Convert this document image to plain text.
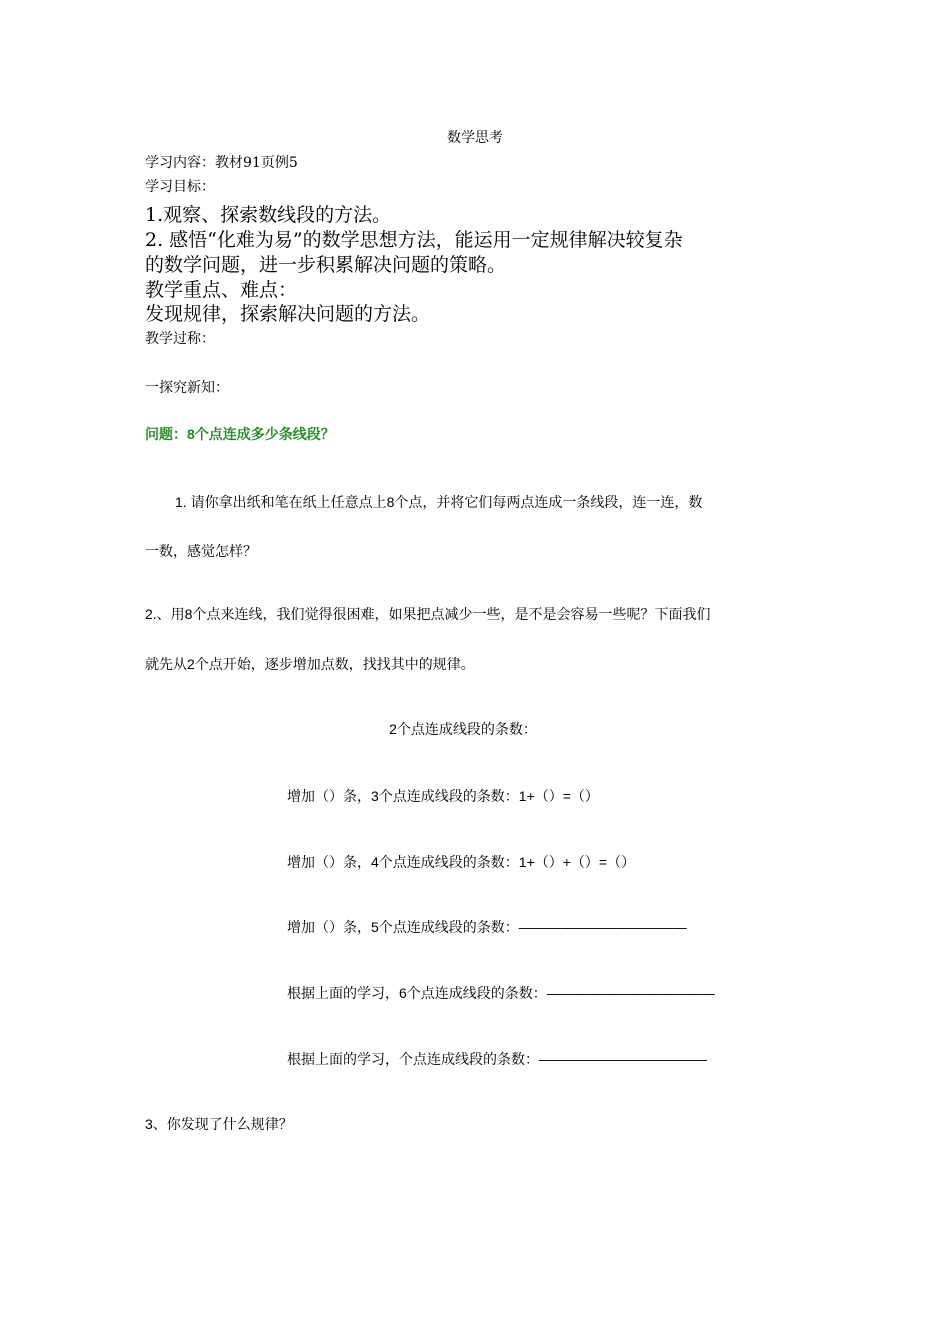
数学思考
学习内容：教材91页例5
学习目标：
1.观察、探索数线段的方法。
2. 感悟“化难为易”的数学思想方法，能运用一定规律解决较复杂
的数学问题，进一步积累解决问题的策略。
教学重点、难点：
发现规律，探索解决问题的方法。
教学过称：
一探究新知：
问题：8个点连成多少条线段？
1. 请你拿出纸和笔在纸上任意点上8个点，并将它们每两点连成一条线段，连一连，数
一数，感觉怎样？
2.、用8个点来连线，我们觉得很困难，如果把点减少一些，是不是会容易一些呢？下面我们
就先从2个点开始，逐步增加点数，找找其中的规律。
2个点连成线段的条数：
增加（）条，3个点连成线段的条数：1+（）=（）
增加（）条，4个点连成线段的条数：1+（）+（）=（）
增加（）条，5个点连成线段的条数：————————————
根据上面的学习，6个点连成线段的条数：————————————
根据上面的学习，个点连成线段的条数：————————————
3、你发现了什么规律？
